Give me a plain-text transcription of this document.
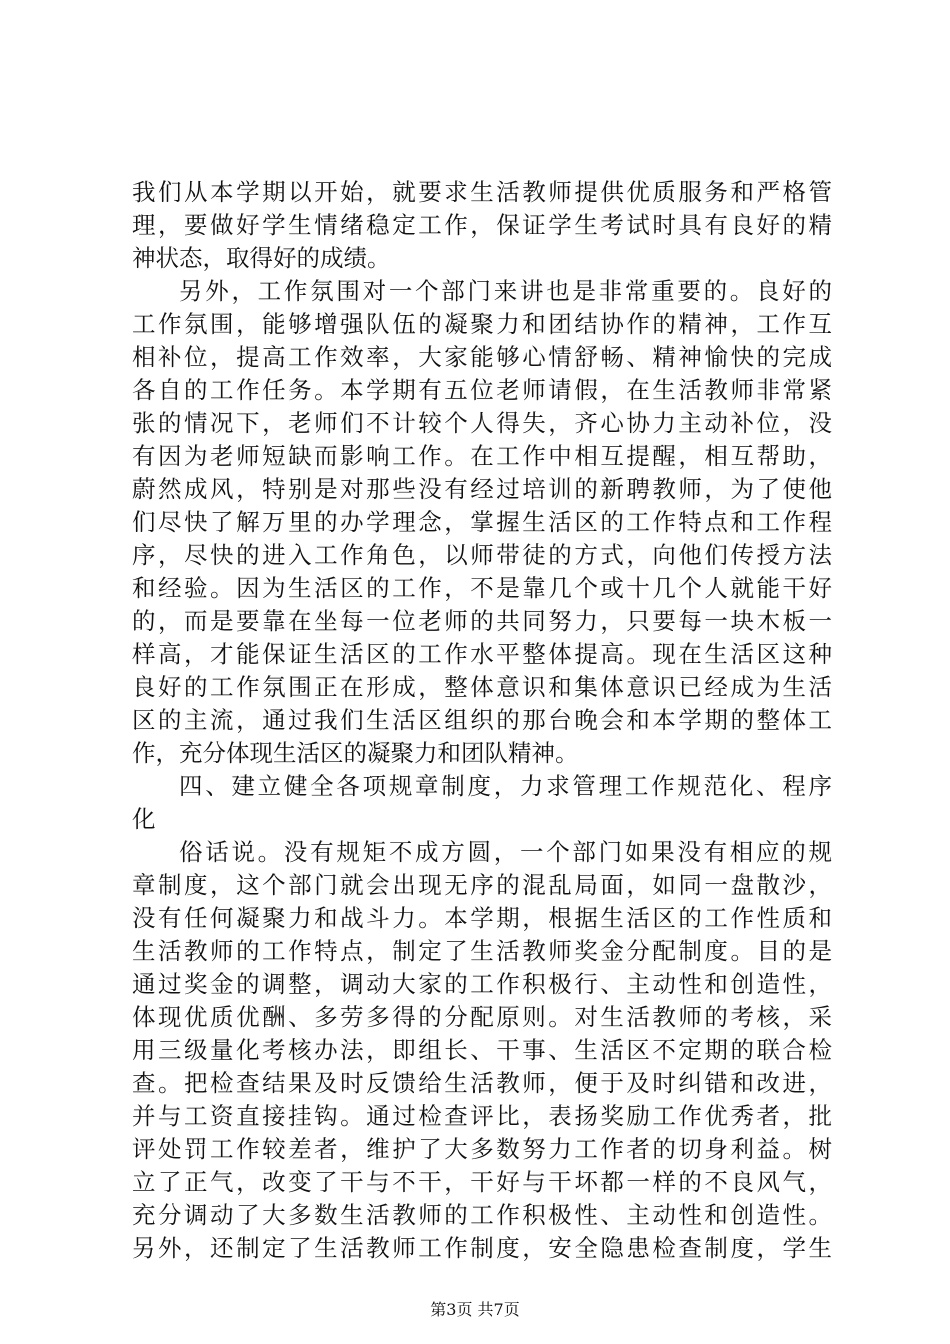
我们从本学期以开始，就要求生活教师提供优质服务和严格管
理，要做好学生情绪稳定工作，保证学生考试时具有良好的精
神状态，取得好的成绩。
另外，工作氛围对一个部门来讲也是非常重要的。良好的
工作氛围，能够增强队伍的凝聚力和团结协作的精神，工作互
相补位，提高工作效率，大家能够心情舒畅、精神愉快的完成
各自的工作任务。本学期有五位老师请假，在生活教师非常紧
张的情况下，老师们不计较个人得失，齐心协力主动补位，没
有因为老师短缺而影响工作。在工作中相互提醒，相互帮助，
蔚然成风，特别是对那些没有经过培训的新聘教师，为了使他
们尽快了解万里的办学理念，掌握生活区的工作特点和工作程
序，尽快的进入工作角色，以师带徒的方式，向他们传授方法
和经验。因为生活区的工作，不是靠几个或十几个人就能干好
的，而是要靠在坐每一位老师的共同努力，只要每一块木板一
样高，才能保证生活区的工作水平整体提高。现在生活区这种
良好的工作氛围正在形成，整体意识和集体意识已经成为生活
区的主流，通过我们生活区组织的那台晚会和本学期的整体工
作，充分体现生活区的凝聚力和团队精神。
四、建立健全各项规章制度，力求管理工作规范化、程序
化
俗话说。没有规矩不成方圆，一个部门如果没有相应的规
章制度，这个部门就会出现无序的混乱局面，如同一盘散沙，
没有任何凝聚力和战斗力。本学期，根据生活区的工作性质和
生活教师的工作特点，制定了生活教师奖金分配制度。目的是
通过奖金的调整，调动大家的工作积极行、主动性和创造性，
体现优质优酬、多劳多得的分配原则。对生活教师的考核，采
用三级量化考核办法，即组长、干事、生活区不定期的联合检
查。把检查结果及时反馈给生活教师，便于及时纠错和改进，
并与工资直接挂钩。通过检查评比，表扬奖励工作优秀者，批
评处罚工作较差者，维护了大多数努力工作者的切身利益。树
立了正气，改变了干与不干，干好与干坏都一样的不良风气，
充分调动了大多数生活教师的工作积极性、主动性和创造性。
另外，还制定了生活教师工作制度，安全隐患检查制度，学生
第3页 共7页
